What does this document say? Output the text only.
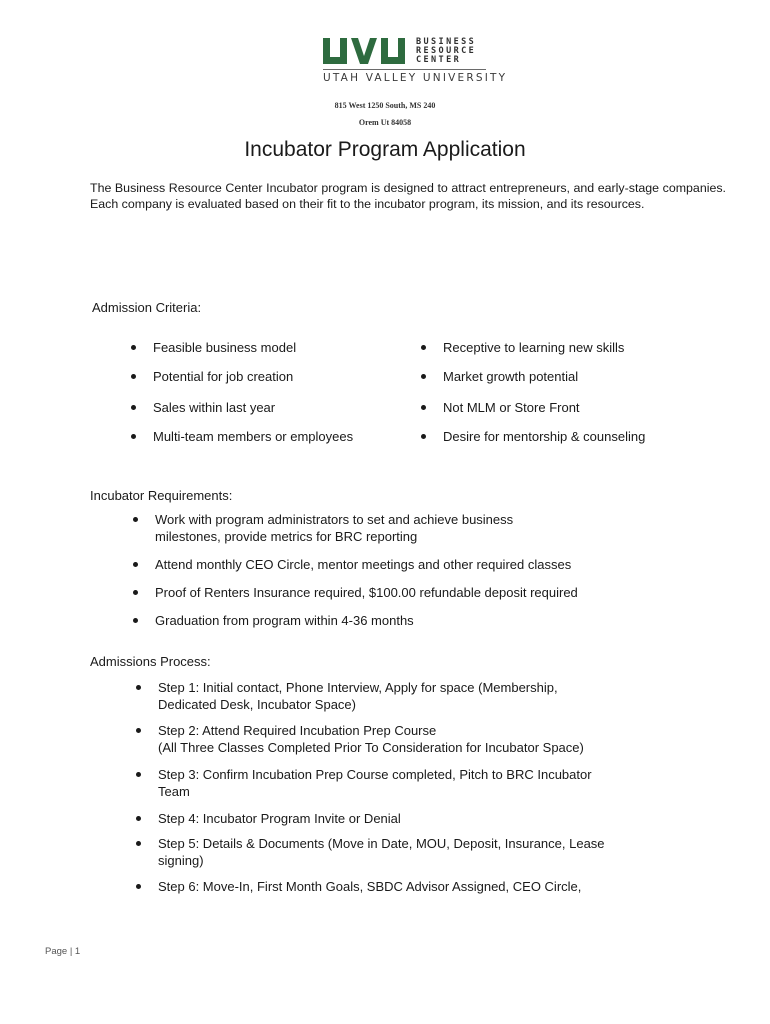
BUSINESS
RESOURCE
CENTER
UTAH VALLEY UNIVERSITY
815 West 1250 South, MS 240
Orem Ut 84058
Incubator Program Application
The Business Resource Center Incubator program is designed to attract entrepreneurs, and early-stage companies. Each company is evaluated based on their fit to the incubator program, its mission, and its resources.
Admission Criteria:
Feasible business model
Potential for job creation
Sales within last year
Multi-team members or employees
Receptive to learning new skills
Market growth potential
Not MLM or Store Front
Desire for mentorship & counseling
Incubator Requirements:
Work with program administrators to set and achieve business
milestones, provide metrics for BRC reporting
Attend monthly CEO Circle, mentor meetings and other required classes
Proof of Renters Insurance required, $100.00 refundable deposit required
Graduation from program within 4-36 months
Admissions Process:
Step 1: Initial contact, Phone Interview, Apply for space (Membership,
Dedicated Desk, Incubator Space)
Step 2: Attend Required Incubation Prep Course
(All Three Classes Completed Prior To Consideration for Incubator Space)
Step 3: Confirm Incubation Prep Course completed, Pitch to BRC Incubator
Team
Step 4: Incubator Program Invite or Denial
Step 5: Details & Documents (Move in Date, MOU, Deposit, Insurance, Lease
signing)
Step 6: Move-In, First Month Goals, SBDC Advisor Assigned, CEO Circle,
Page | 1
